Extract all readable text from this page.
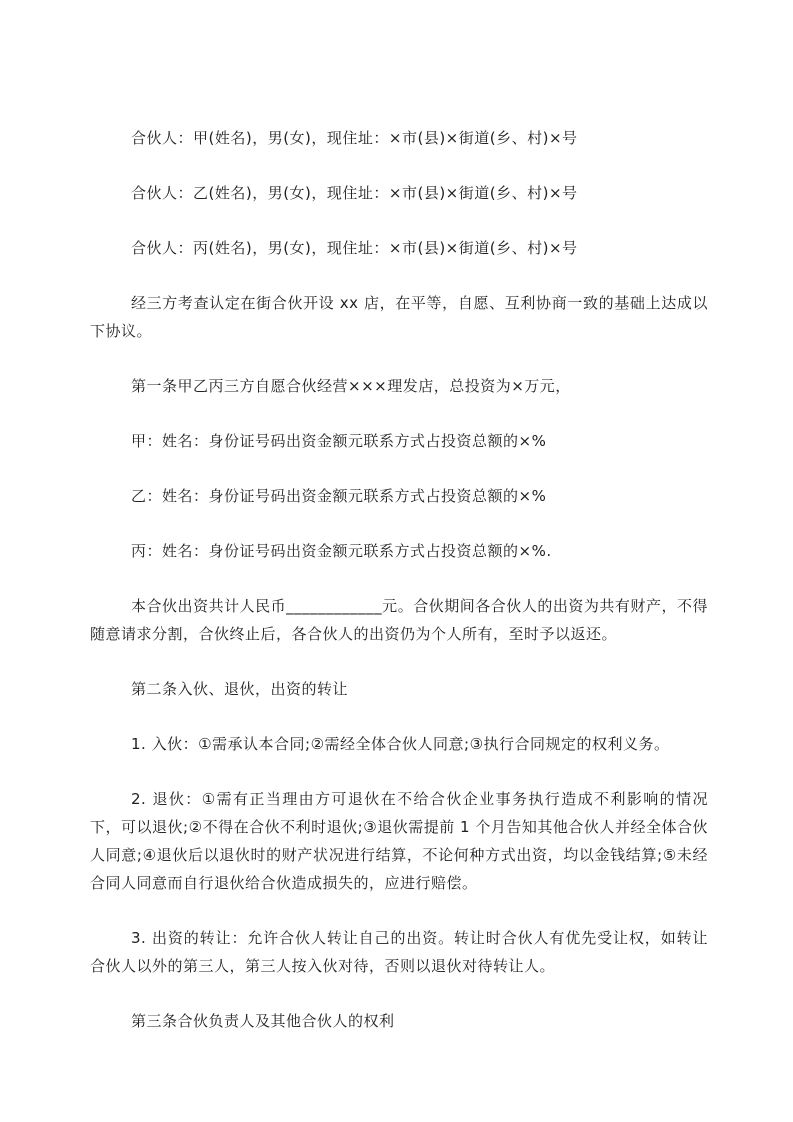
合伙人：甲(姓名)，男(女)，现住址：×市(县)×街道(乡、村)×号

合伙人：乙(姓名)，男(女)，现住址：×市(县)×街道(乡、村)×号

合伙人：丙(姓名)，男(女)，现住址：×市(县)×街道(乡、村)×号

经三方考查认定在街合伙开设 xx 店，在平等，自愿、互利协商一致的基础上达成以下协议。

第一条甲乙丙三方自愿合伙经营×××理发店，总投资为×万元，

甲：姓名：身份证号码出资金额元联系方式占投资总额的×%

乙：姓名：身份证号码出资金额元联系方式占投资总额的×%

丙：姓名：身份证号码出资金额元联系方式占投资总额的×%.

本合伙出资共计人民币____________元。合伙期间各合伙人的出资为共有财产，不得随意请求分割，合伙终止后，各合伙人的出资仍为个人所有，至时予以返还。

第二条入伙、退伙，出资的转让

1. 入伙：①需承认本合同;②需经全体合伙人同意;③执行合同规定的权利义务。

2. 退伙：①需有正当理由方可退伙在不给合伙企业事务执行造成不利影响的情况下，可以退伙;②不得在合伙不利时退伙;③退伙需提前 1 个月告知其他合伙人并经全体合伙人同意;④退伙后以退伙时的财产状况进行结算，不论何种方式出资，均以金钱结算;⑤未经合同人同意而自行退伙给合伙造成损失的，应进行赔偿。

3. 出资的转让：允许合伙人转让自己的出资。转让时合伙人有优先受让权，如转让合伙人以外的第三人，第三人按入伙对待，否则以退伙对待转让人。

第三条合伙负责人及其他合伙人的权利
